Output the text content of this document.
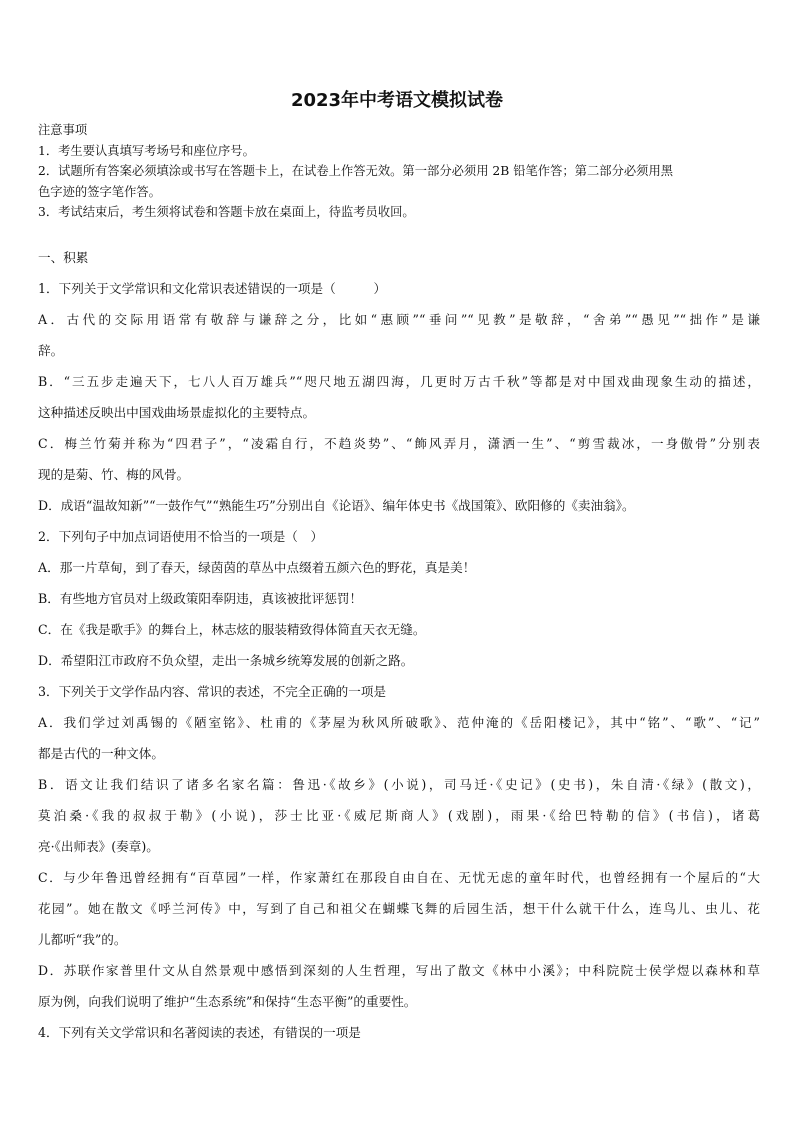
2023年中考语文模拟试卷
注意事项
1．考生要认真填写考场号和座位序号。
2．试题所有答案必须填涂或书写在答题卡上，在试卷上作答无效。第一部分必须用 2B 铅笔作答；第二部分必须用黑
色字迹的签字笔作答。
3．考试结束后，考生须将试卷和答题卡放在桌面上，待监考员收回。
一、积累
1．下列关于文学常识和文化常识表述错误的一项是（　　　）
A．古代的交际用语常有敬辞与谦辞之分，比如“惠顾”“垂问”“见教”是敬辞，“舍弟”“愚见”“拙作”是谦
辞。
B．“三五步走遍天下，七八人百万雄兵”“咫尺地五湖四海，几更时万古千秋”等都是对中国戏曲现象生动的描述，
这种描述反映出中国戏曲场景虚拟化的主要特点。
C．梅兰竹菊并称为“四君子”，“凌霜自行，不趋炎势”、“飾风弄月，潇洒一生”、“剪雪裁冰，一身傲骨”分别表
现的是菊、竹、梅的风骨。
D．成语“温故知新”“一鼓作气”“熟能生巧”分别出自《论语》、编年体史书《战国策》、欧阳修的《卖油翁》。
2．下列句子中加点词语使用不恰当的一项是（　）
A．那一片草甸，到了春天，绿茵茵的草丛中点缀着五颜六色的野花，真是美！
B．有些地方官员对上级政策阳奉阴违，真该被批评惩罚！
C．在《我是歌手》的舞台上，林志炫的服装精致得体简直天衣无缝。
D．希望阳江市政府不负众望，走出一条城乡统筹发展的创新之路。
3．下列关于文学作品内容、常识的表述，不完全正确的一项是
A．我们学过刘禹锡的《陋室铭》、杜甫的《茅屋为秋风所破歌》、范仲淹的《岳阳楼记》，其中“铭”、“歌”、“记”
都是古代的一种文体。
B．语文让我们结识了诸多名家名篇：鲁迅·《故乡》(小说)，司马迁·《史记》(史书)，朱自清·《绿》(散文)，
莫泊桑·《我的叔叔于勒》(小说)，莎士比亚·《威尼斯商人》(戏剧)，雨果·《给巴特勒的信》(书信)，诸葛
亮·《出师表》(奏章)。
C．与少年鲁迅曾经拥有“百草园”一样，作家萧红在那段自由自在、无忧无虑的童年时代，也曾经拥有一个屋后的“大
花园”。她在散文《呼兰河传》中，写到了自己和祖父在蝴蝶飞舞的后园生活，想干什么就干什么，连鸟儿、虫儿、花
儿都听“我”的。
D．苏联作家普里什文从自然景观中感悟到深刻的人生哲理，写出了散文《林中小溪》；中科院院士侯学煜以森林和草
原为例，向我们说明了维护“生态系统”和保持“生态平衡”的重要性。
4．下列有关文学常识和名著阅读的表述，有错误的一项是
